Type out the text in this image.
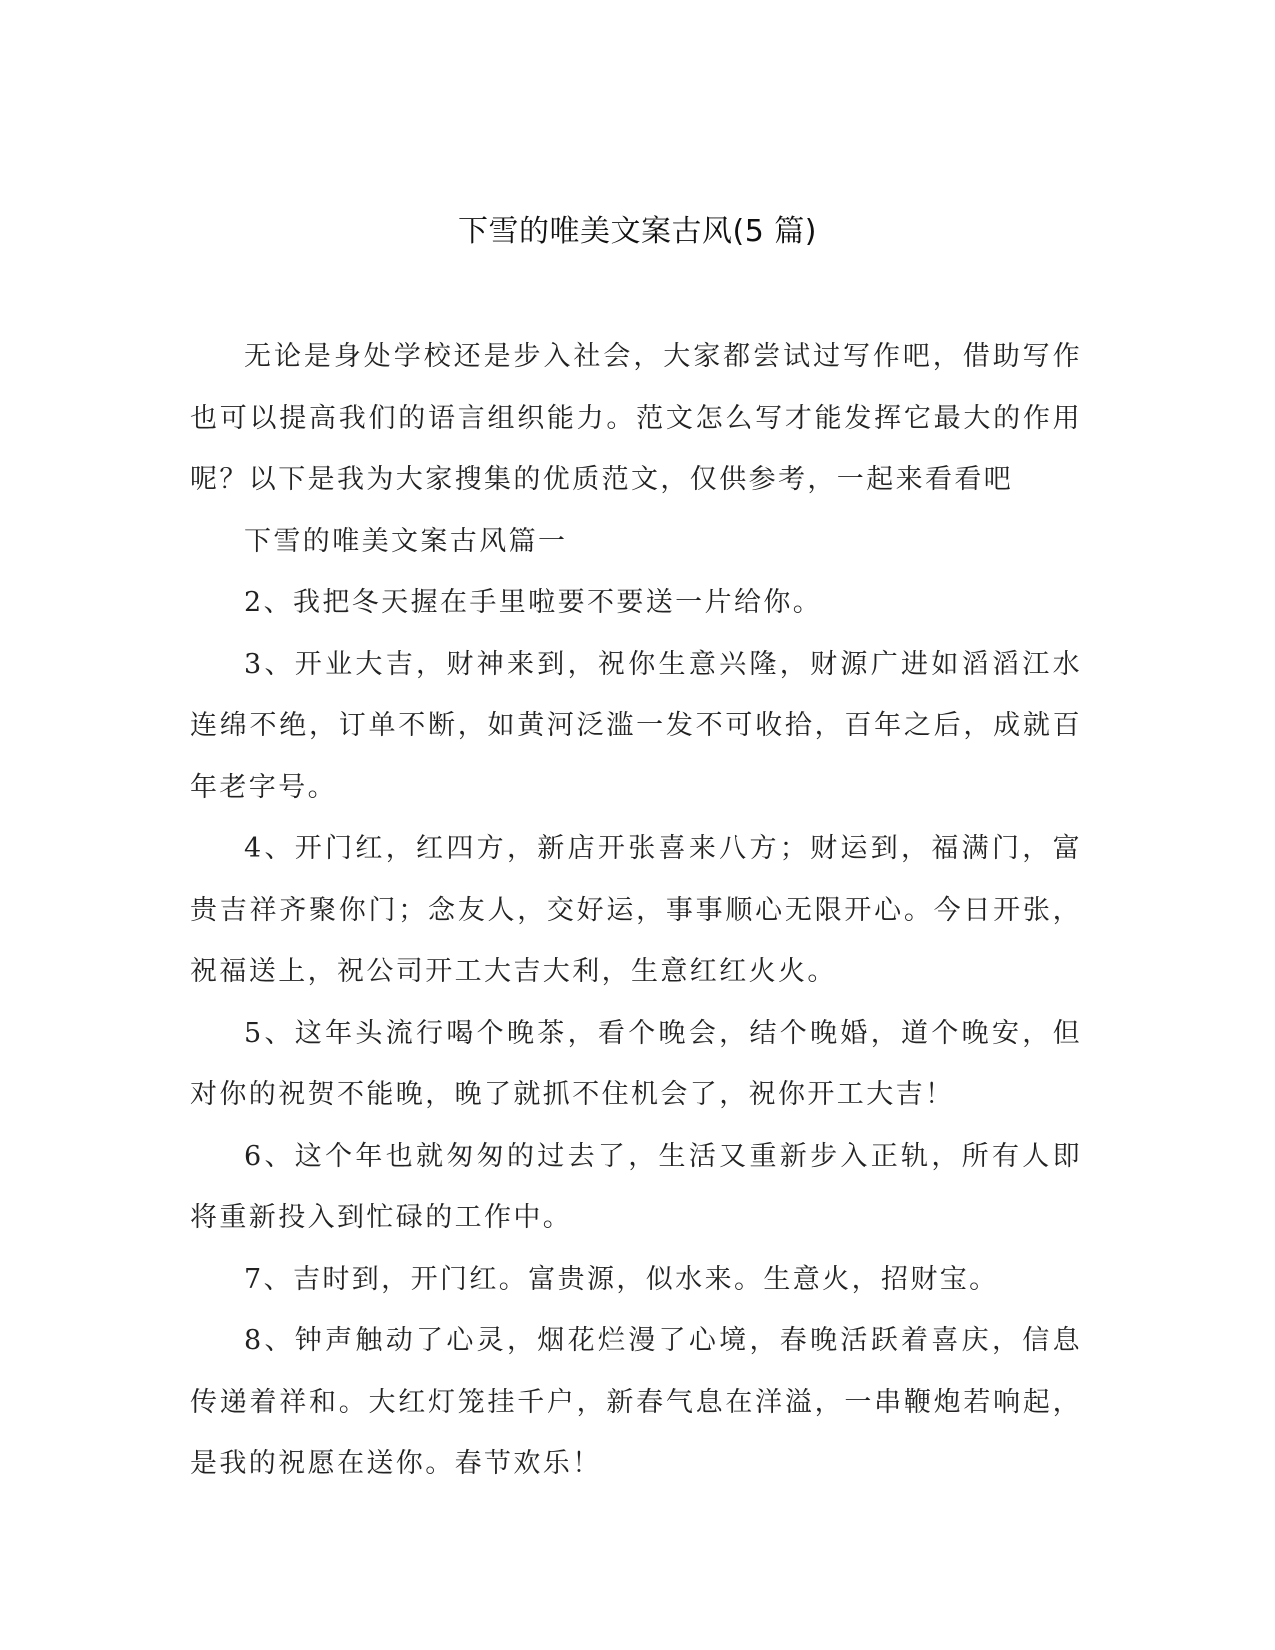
下雪的唯美文案古风(5 篇)

无论是身处学校还是步入社会，大家都尝试过写作吧，借助写作也可以提高我们的语言组织能力。范文怎么写才能发挥它最大的作用呢？以下是我为大家搜集的优质范文，仅供参考，一起来看看吧

下雪的唯美文案古风篇一

2、我把冬天握在手里啦要不要送一片给你。

3、开业大吉，财神来到，祝你生意兴隆，财源广进如滔滔江水连绵不绝，订单不断，如黄河泛滥一发不可收拾，百年之后，成就百年老字号。

4、开门红，红四方，新店开张喜来八方；财运到，福满门，富贵吉祥齐聚你门；念友人，交好运，事事顺心无限开心。今日开张，祝福送上，祝公司开工大吉大利，生意红红火火。

5、这年头流行喝个晚茶，看个晚会，结个晚婚，道个晚安，但对你的祝贺不能晚，晚了就抓不住机会了，祝你开工大吉！

6、这个年也就匆匆的过去了，生活又重新步入正轨，所有人即将重新投入到忙碌的工作中。

7、吉时到，开门红。富贵源，似水来。生意火，招财宝。

8、钟声触动了心灵，烟花烂漫了心境，春晚活跃着喜庆，信息传递着祥和。大红灯笼挂千户，新春气息在洋溢，一串鞭炮若响起，是我的祝愿在送你。春节欢乐！
